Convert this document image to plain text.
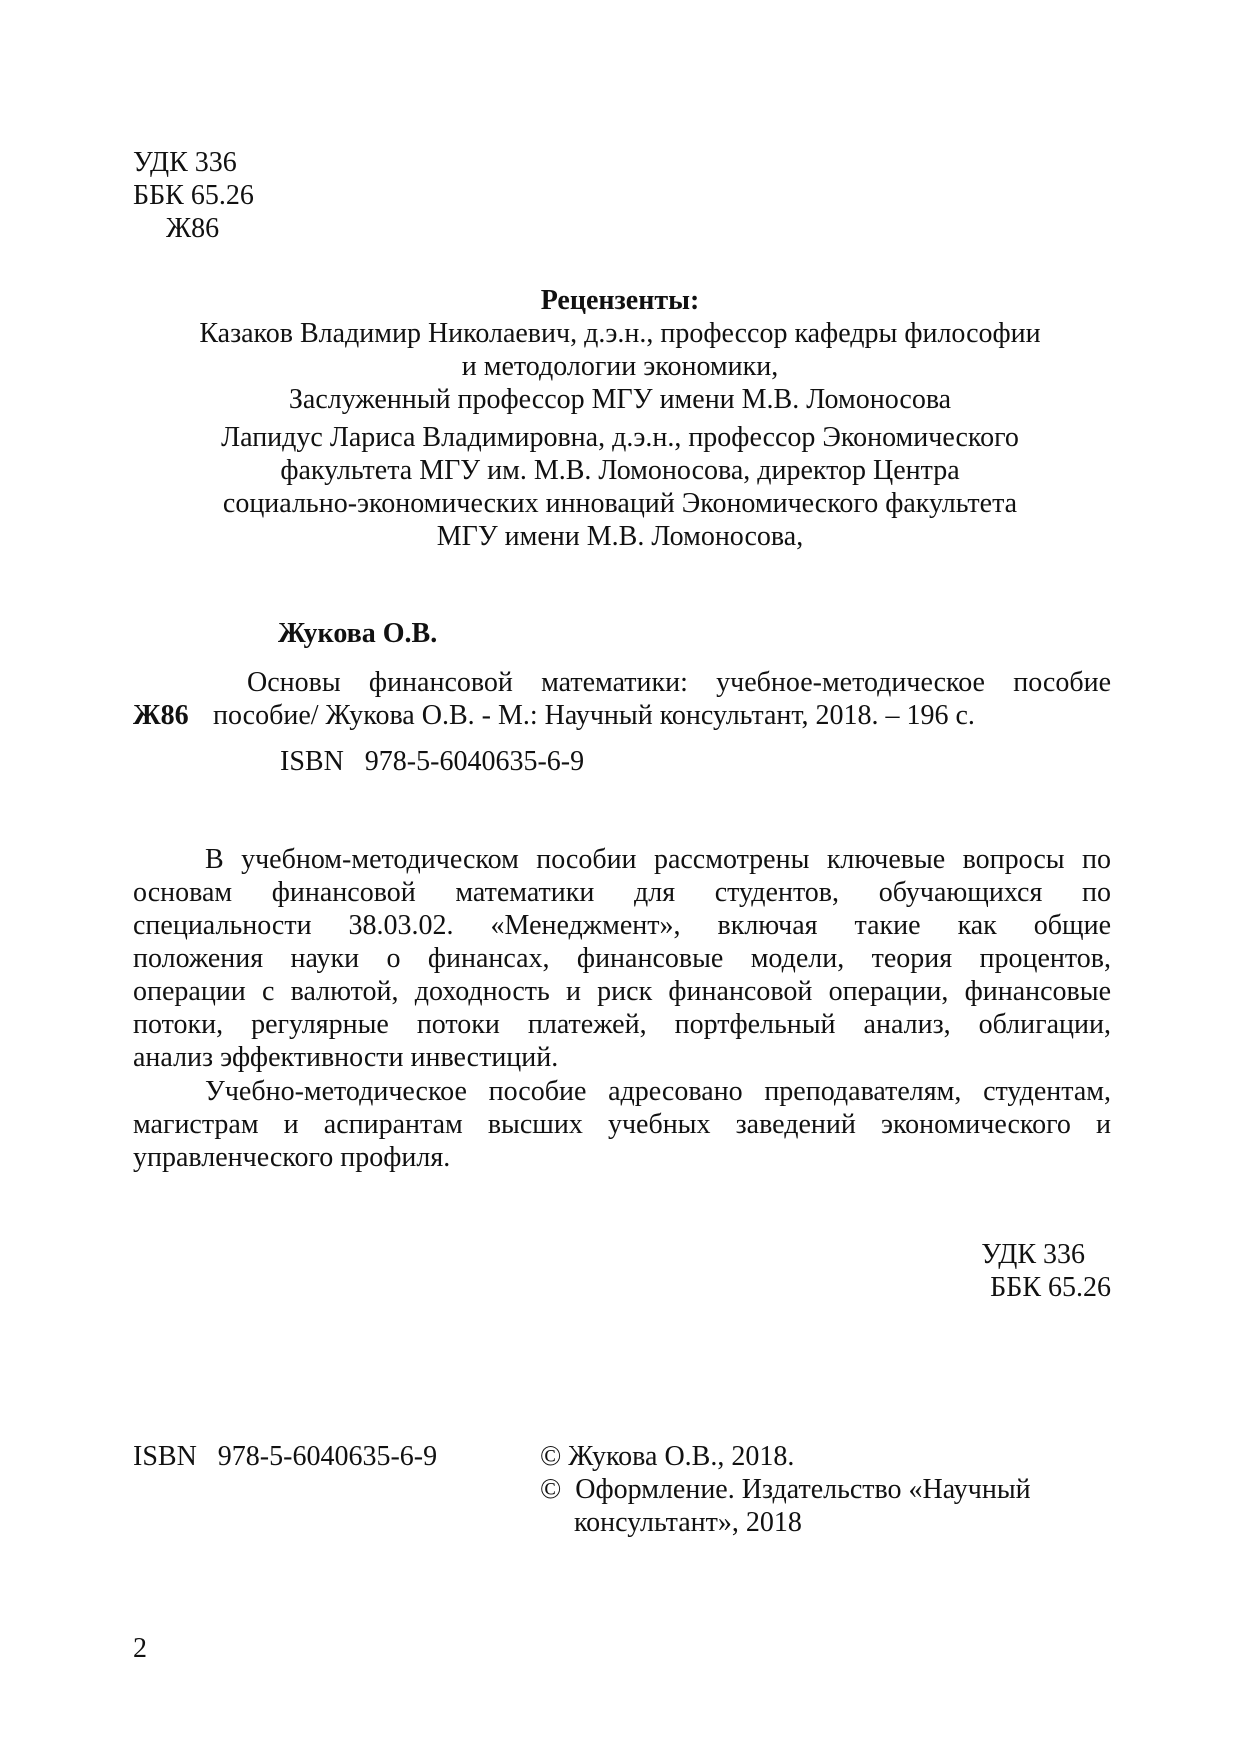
УДК 336
ББК 65.26
Ж86
Рецензенты:
Казаков Владимир Николаевич, д.э.н., профессор кафедры философии
и методологии экономики,
Заслуженный профессор МГУ имени М.В. Ломоносова
Лапидус Лариса Владимировна, д.э.н., профессор Экономического
факультета МГУ им. М.В. Ломоносова, директор Центра
социально-экономических инноваций Экономического факультета
МГУ имени М.В. Ломоносова,
Жукова О.В.
Основы финансовой математики: учебное-методическое пособие
Ж86 пособие/ Жукова О.В. - М.: Научный консультант, 2018. – 196 с.
ISBN   978-5-6040635-6-9
В учебном-методическом пособии рассмотрены ключевые вопросы по
основам финансовой математики для студентов, обучающихся по
специальности 38.03.02. «Менеджмент», включая такие как общие
положения науки о финансах, финансовые модели, теория процентов,
операции с валютой, доходность и риск финансовой операции, финансовые
потоки, регулярные потоки платежей, портфельный анализ, облигации,
анализ эффективности инвестиций.
Учебно-методическое пособие адресовано преподавателям, студентам,
магистрам и аспирантам высших учебных заведений экономического и
управленческого профиля.
УДК 336
ББК 65.26
ISBN   978-5-6040635-6-9	© Жукова О.В., 2018.
©  Оформление. Издательство «Научный
консультант», 2018
2
